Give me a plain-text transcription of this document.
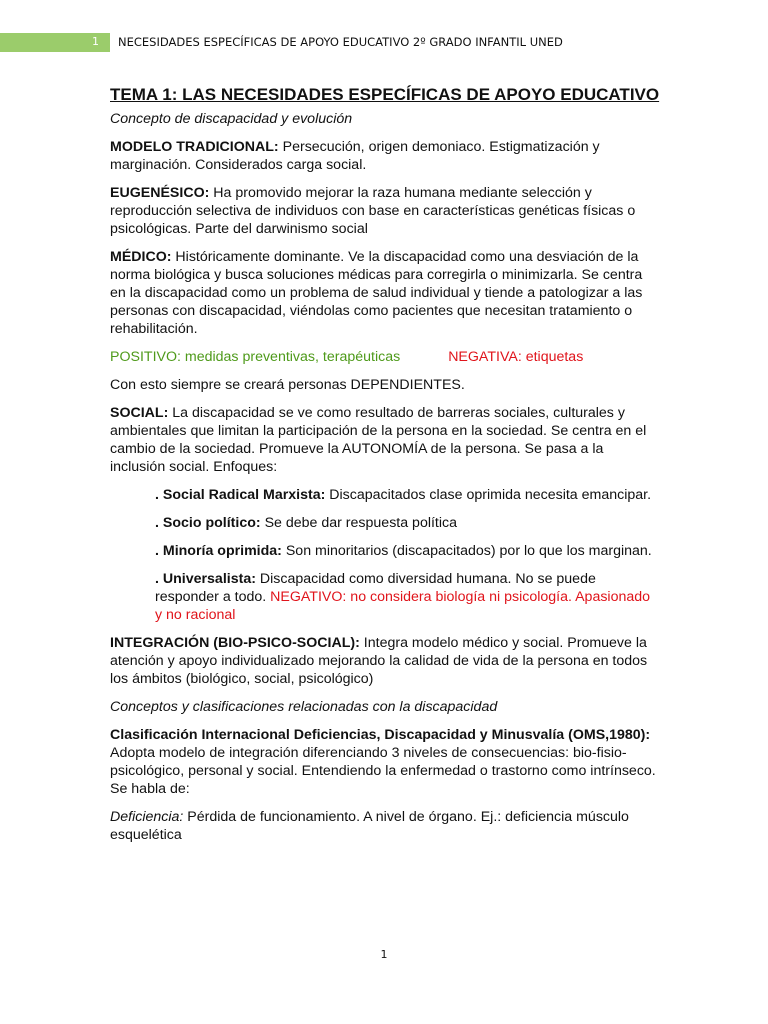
1 NECESIDADES ESPECÍFICAS DE APOYO EDUCATIVO 2º GRADO INFANTIL UNED
TEMA 1: LAS NECESIDADES ESPECÍFICAS DE APOYO EDUCATIVO

Concepto de discapacidad y evolución

MODELO TRADICIONAL: Persecución, origen demoniaco. Estigmatización y marginación. Considerados carga social.

EUGENÉSICO: Ha promovido mejorar la raza humana mediante selección y reproducción selectiva de individuos con base en características genéticas físicas o psicológicas. Parte del darwinismo social

MÉDICO: Históricamente dominante. Ve la discapacidad como una desviación de la norma biológica y busca soluciones médicas para corregirla o minimizarla. Se centra en la discapacidad como un problema de salud individual y tiende a patologizar a las personas con discapacidad, viéndolas como pacientes que necesitan tratamiento o rehabilitación.

POSITIVO: medidas preventivas, terapéuticas	NEGATIVA: etiquetas

Con esto siempre se creará personas DEPENDIENTES.

SOCIAL: La discapacidad se ve como resultado de barreras sociales, culturales y ambientales que limitan la participación de la persona en la sociedad. Se centra en el cambio de la sociedad. Promueve la AUTONOMÍA de la persona. Se pasa a la inclusión social. Enfoques:

. Social Radical Marxista: Discapacitados clase oprimida necesita emancipar.

. Socio político: Se debe dar respuesta política

. Minoría oprimida: Son minoritarios (discapacitados) por lo que los marginan.

. Universalista: Discapacidad como diversidad humana. No se puede responder a todo. NEGATIVO: no considera biología ni psicología. Apasionado y no racional

INTEGRACIÓN (BIO-PSICO-SOCIAL): Integra modelo médico y social. Promueve la atención y apoyo individualizado mejorando la calidad de vida de la persona en todos los ámbitos (biológico, social, psicológico)

Conceptos y clasificaciones relacionadas con la discapacidad

Clasificación Internacional Deficiencias, Discapacidad y Minusvalía (OMS,1980): Adopta modelo de integración diferenciando 3 niveles de consecuencias: bio-fisio-psicológico, personal y social. Entendiendo la enfermedad o trastorno como intrínseco. Se habla de:

Deficiencia: Pérdida de funcionamiento. A nivel de órgano. Ej.: deficiencia músculo esquelética

1
